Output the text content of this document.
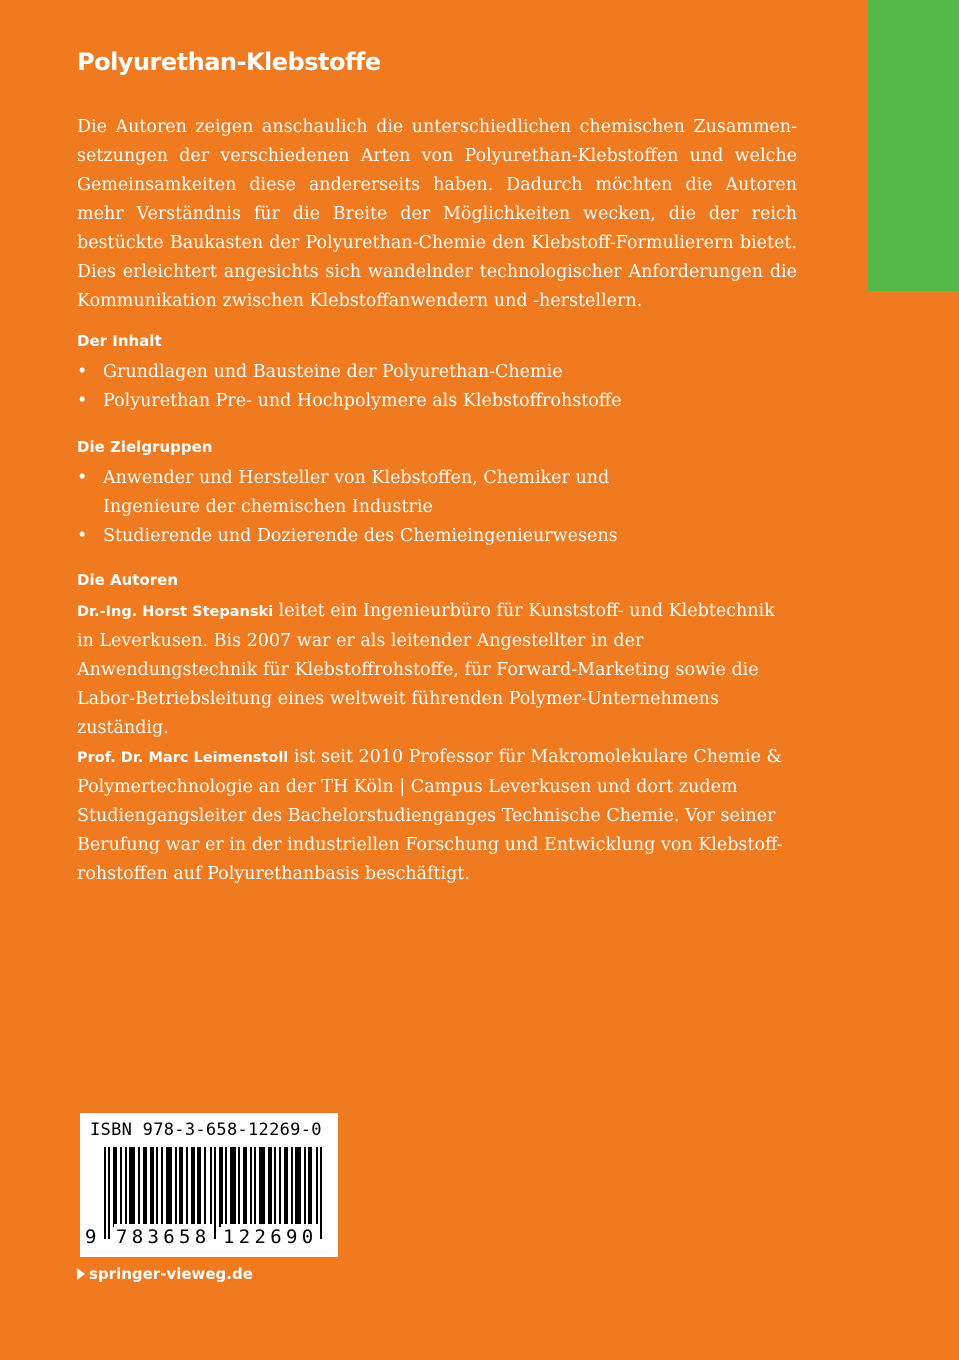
Polyurethan-Klebstoffe
Die Autoren zeigen anschaulich die unterschiedlichen chemischen Zusammen-setzungen der verschiedenen Arten von Polyurethan-Klebstoffen und welche Gemeinsamkeiten diese andererseits haben. Dadurch möchten die Autoren mehr Verständnis für die Breite der Möglichkeiten wecken, die der reich bestückte Baukasten der Polyurethan-Chemie den Klebstoff-Formulierern bietet. Dies erleichtert angesichts sich wandelnder technologischer Anforderungen die Kommunikation zwischen Klebstoffanwendern und -herstellern.
Der Inhalt
• Grundlagen und Bausteine der Polyurethan-Chemie
• Polyurethan Pre- und Hochpolymere als Klebstoffrohstoffe
Die Zielgruppen
• Anwender und Hersteller von Klebstoffen, Chemiker und Ingenieure der chemischen Industrie
• Studierende und Dozierende des Chemieingenieurwesens
Die Autoren

Dr.-Ing. Horst Stepanski leitet ein Ingenieurbüro für Kunststoff- und Klebtechnik in Leverkusen. Bis 2007 war er als leitender Angestellter in der Anwendungstechnik für Klebstoffrohstoffe, für Forward-Marketing sowie die Labor-Betriebsleitung eines weltweit führenden Polymer-Unternehmens zuständig.

Prof. Dr. Marc Leimenstoll ist seit 2010 Professor für Makromolekulare Chemie & Polymertechnologie an der TH Köln | Campus Leverkusen und dort zudem Studiengangsleiter des Bachelorstudienganges Technische Chemie. Vor seiner Berufung war er in der industriellen Forschung und Entwicklung von Klebstoff-rohstoffen auf Polyurethanbasis beschäftigt.

ISBN 978-3-658-12269-0
9 783658 122690
springer-vieweg.de
